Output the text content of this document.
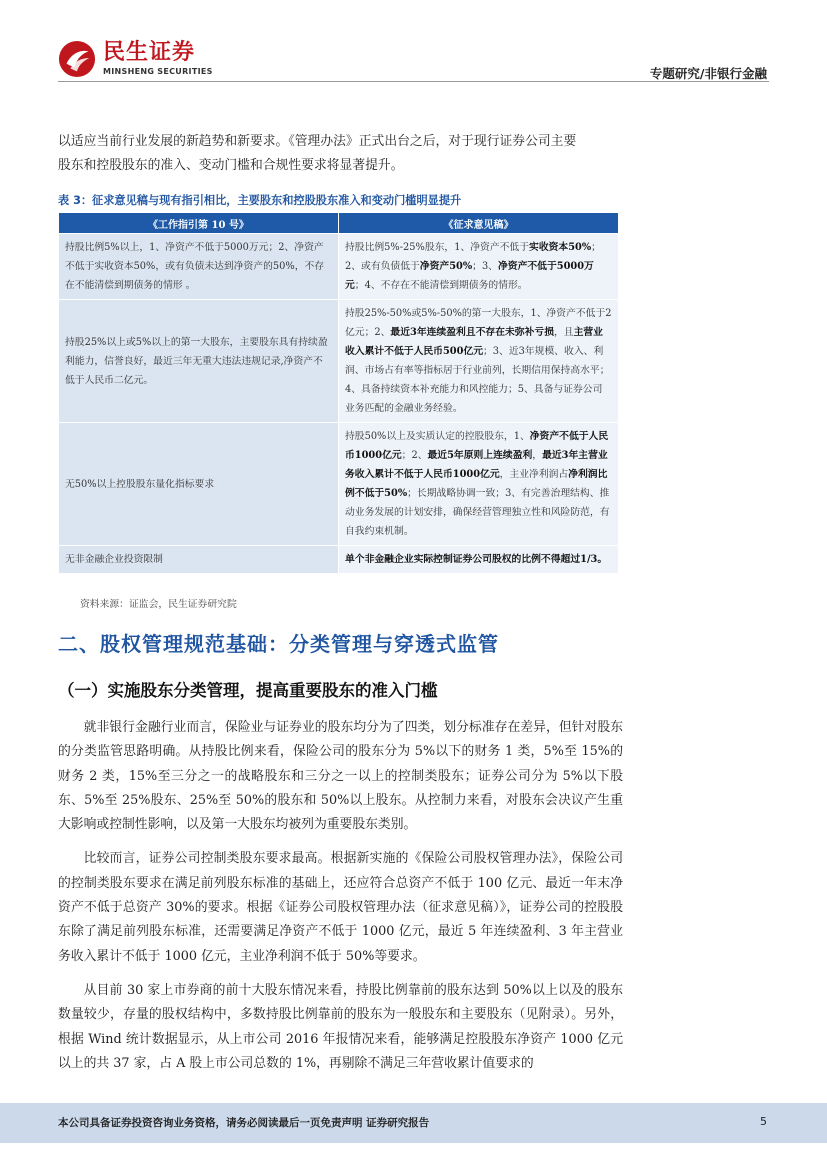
民生证券
MINSHENG SECURITIES	专题研究/非银行金融

以适应当前行业发展的新趋势和新要求。《管理办法》正式出台之后，对于现行证券公司主要

股东和控股股东的准入、变动门槛和合规性要求将显著提升。

表 3：征求意见稿与现有指引相比，主要股东和控股股东准入和变动门槛明显提升
《工作指引第 10 号》	《征求意见稿》
持股比例5%以上，1、净资产不低于5000万元；2、净资产不低于实收资本50%，或有负债未达到净资产的50%，不存在不能清偿到期债务的情形 。	持股比例5%-25%股东，1、净资产不低于实收资本50%；2、或有负债低于净资产50%；3、净资产不低于5000万元；4、不存在不能清偿到期债务的情形。
持股25%以上或5%以上的第一大股东，主要股东具有持续盈利能力，信誉良好，最近三年无重大违法违规记录,净资产不低于人民币二亿元。	持股25%-50%或5%-50%的第一大股东，1、净资产不低于2亿元；2、最近3年连续盈利且不存在未弥补亏损，且主营业收入累计不低于人民币500亿元；3、近3年规模、收入、利润、市场占有率等指标居于行业前列，长期信用保持高水平；4、具备持续资本补充能力和风控能力；5、具备与证券公司业务匹配的金融业务经验。
无50%以上控股股东量化指标要求	持股50%以上及实质认定的控股股东，1、净资产不低于人民币1000亿元；2、最近5年原则上连续盈利，最近3年主营业务收入累计不低于人民币1000亿元，主业净利润占净利润比例不低于50%；长期战略协调一致；3、有完善治理结构、推动业务发展的计划安排，确保经营管理独立性和风险防范，有自我约束机制。
无非金融企业投资限制	单个非金融企业实际控制证券公司股权的比例不得超过1/3。
资料来源：证监会，民生证券研究院
二、股权管理规范基础：分类管理与穿透式监管
（一）实施股东分类管理，提高重要股东的准入门槛

就非银行金融行业而言，保险业与证券业的股东均分为了四类，划分标准存在差异，但针对股东的分类监管思路明确。从持股比例来看，保险公司的股东分为 5%以下的财务 1 类，5%至 15%的财务 2 类，15%至三分之一的战略股东和三分之一以上的控制类股东；证券公司分为 5%以下股东、5%至 25%股东、25%至 50%的股东和 50%以上股东。从控制力来看，对股东会决议产生重大影响或控制性影响，以及第一大股东均被列为重要股东类别。

比较而言，证券公司控制类股东要求最高。根据新实施的《保险公司股权管理办法》，保险公司的控制类股东要求在满足前列股东标准的基础上，还应符合总资产不低于 100 亿元、最近一年末净资产不低于总资产 30%的要求。根据《证券公司股权管理办法（征求意见稿）》，证券公司的控股股东除了满足前列股东标准，还需要满足净资产不低于 1000 亿元，最近 5 年连续盈利、3 年主营业务收入累计不低于 1000 亿元，主业净利润不低于 50%等要求。

从目前 30 家上市券商的前十大股东情况来看，持股比例靠前的股东达到 50%以上以及的股东数量较少，存量的股权结构中，多数持股比例靠前的股东为一般股东和主要股东（见附录）。另外，根据 Wind 统计数据显示，从上市公司 2016 年报情况来看，能够满足控股股东净资产 1000 亿元以上的共 37 家，占 A 股上市公司总数的 1%，再剔除不满足三年营收累计值要求的

本公司具备证券投资咨询业务资格，请务必阅读最后一页免责声明 证券研究报告	5
